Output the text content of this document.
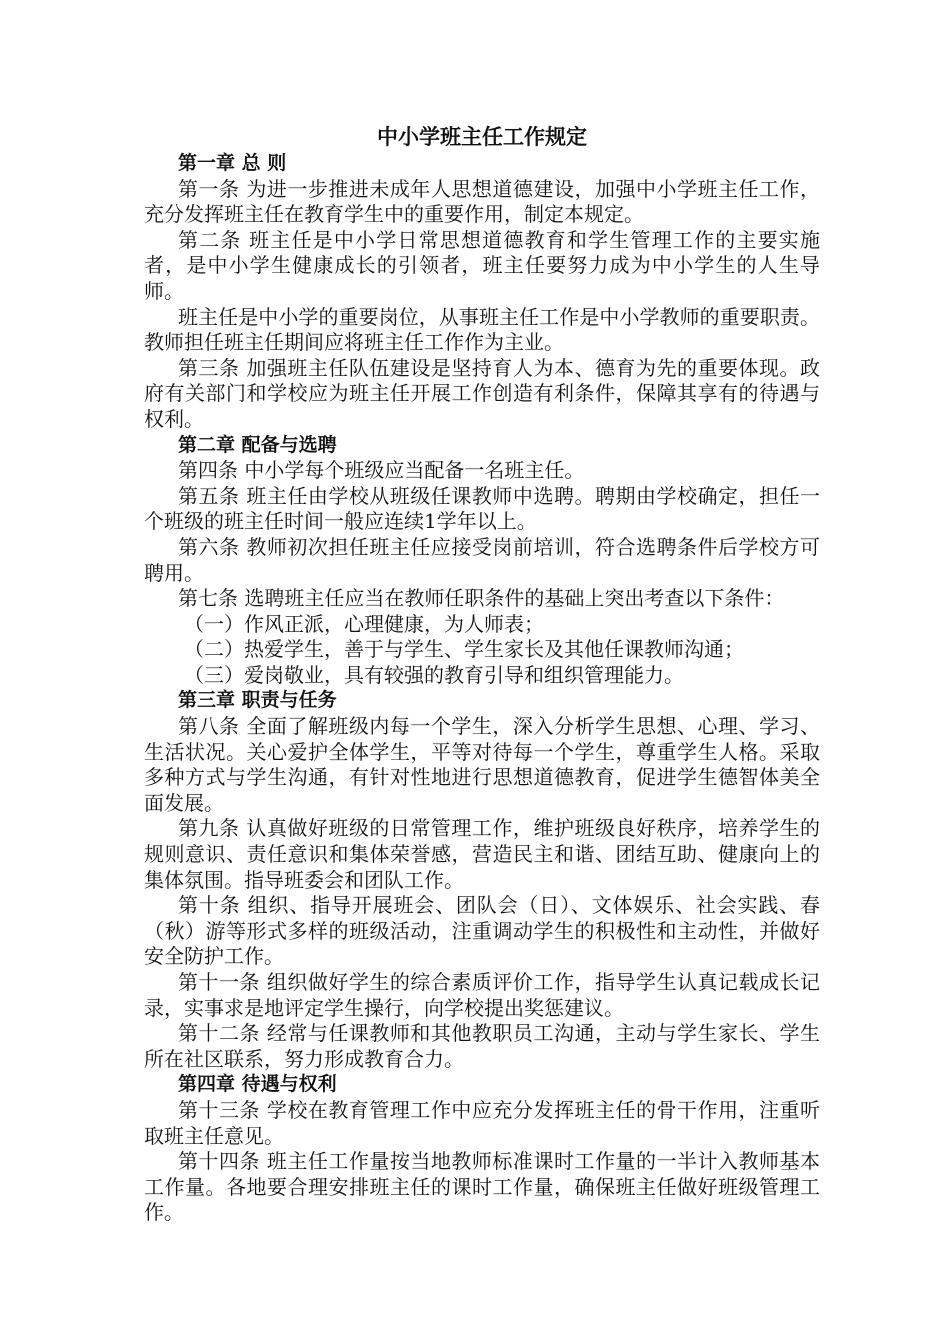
中小学班主任工作规定

第一章 总 则

第一条 为进一步推进未成年人思想道德建设，加强中小学班主任工作，充分发挥班主任在教育学生中的重要作用，制定本规定。

第二条 班主任是中小学日常思想道德教育和学生管理工作的主要实施者，是中小学生健康成长的引领者，班主任要努力成为中小学生的人生导师。

班主任是中小学的重要岗位，从事班主任工作是中小学教师的重要职责。教师担任班主任期间应将班主任工作作为主业。

第三条 加强班主任队伍建设是坚持育人为本、德育为先的重要体现。政府有关部门和学校应为班主任开展工作创造有利条件，保障其享有的待遇与权利。

第二章 配备与选聘

第四条 中小学每个班级应当配备一名班主任。

第五条 班主任由学校从班级任课教师中选聘。聘期由学校确定，担任一个班级的班主任时间一般应连续1学年以上。

第六条 教师初次担任班主任应接受岗前培训，符合选聘条件后学校方可聘用。

第七条 选聘班主任应当在教师任职条件的基础上突出考查以下条件：

（一）作风正派，心理健康，为人师表；

（二）热爱学生，善于与学生、学生家长及其他任课教师沟通；

（三）爱岗敬业，具有较强的教育引导和组织管理能力。

第三章 职责与任务

第八条 全面了解班级内每一个学生，深入分析学生思想、心理、学习、生活状况。关心爱护全体学生，平等对待每一个学生，尊重学生人格。采取多种方式与学生沟通，有针对性地进行思想道德教育，促进学生德智体美全面发展。

第九条 认真做好班级的日常管理工作，维护班级良好秩序，培养学生的规则意识、责任意识和集体荣誉感，营造民主和谐、团结互助、健康向上的集体氛围。指导班委会和团队工作。

第十条 组织、指导开展班会、团队会（日）、文体娱乐、社会实践、春（秋）游等形式多样的班级活动，注重调动学生的积极性和主动性，并做好安全防护工作。

第十一条 组织做好学生的综合素质评价工作，指导学生认真记载成长记录，实事求是地评定学生操行，向学校提出奖惩建议。

第十二条 经常与任课教师和其他教职员工沟通，主动与学生家长、学生所在社区联系，努力形成教育合力。

第四章 待遇与权利

第十三条 学校在教育管理工作中应充分发挥班主任的骨干作用，注重听取班主任意见。

第十四条 班主任工作量按当地教师标准课时工作量的一半计入教师基本工作量。各地要合理安排班主任的课时工作量，确保班主任做好班级管理工作。
